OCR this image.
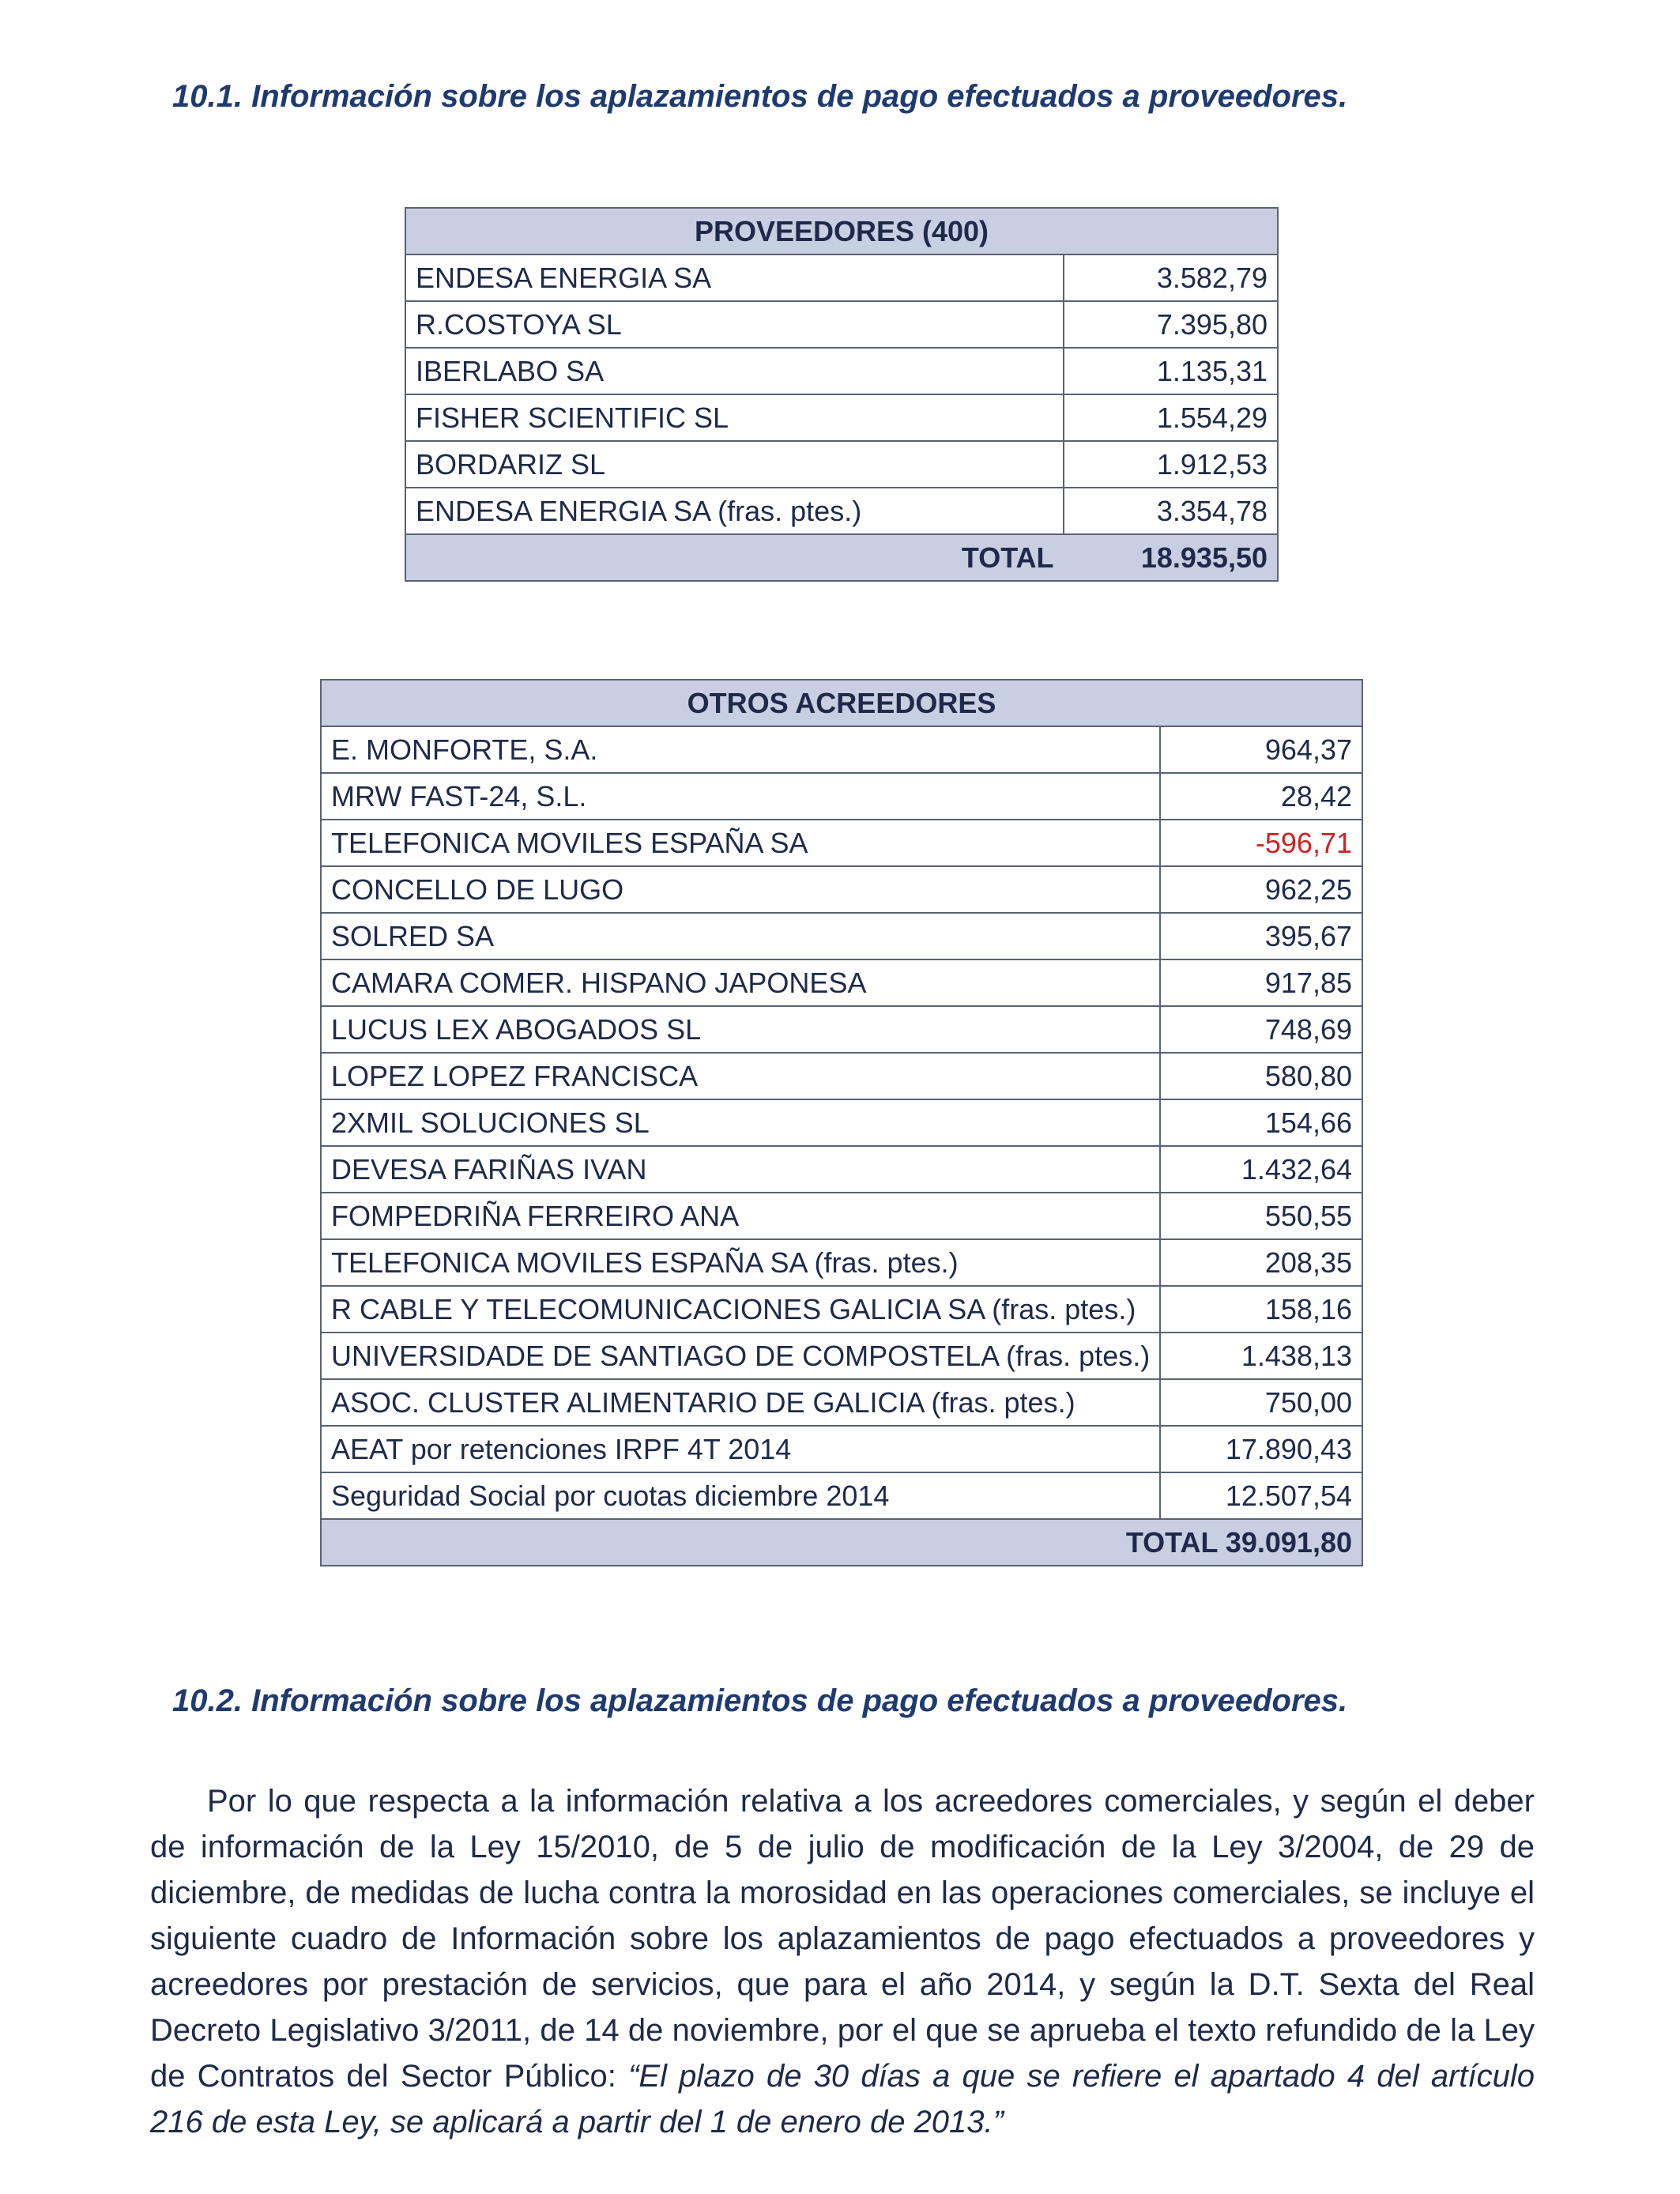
10.1. Información sobre los aplazamientos de pago efectuados a proveedores.
PROVEEDORES (400)	
ENDESA ENERGIA SA	3.582,79
R.COSTOYA SL	7.395,80
IBERLABO SA	1.135,31
FISHER SCIENTIFIC SL	1.554,29
BORDARIZ SL	1.912,53
ENDESA ENERGIA SA (fras. ptes.)	3.354,78
TOTAL	18.935,50
OTROS ACREEDORES	
E. MONFORTE, S.A.	964,37
MRW FAST-24, S.L.	28,42
TELEFONICA MOVILES ESPAÑA SA	-596,71
CONCELLO DE LUGO	962,25
SOLRED SA	395,67
CAMARA COMER. HISPANO JAPONESA	917,85
LUCUS LEX ABOGADOS SL	748,69
LOPEZ LOPEZ FRANCISCA	580,80
2XMIL SOLUCIONES SL	154,66
DEVESA FARIÑAS IVAN	1.432,64
FOMPEDRIÑA FERREIRO ANA	550,55
TELEFONICA MOVILES ESPAÑA SA (fras. ptes.)	208,35
R CABLE Y TELECOMUNICACIONES GALICIA SA (fras. ptes.)	158,16
UNIVERSIDADE DE SANTIAGO DE COMPOSTELA (fras. ptes.)	1.438,13
ASOC. CLUSTER ALIMENTARIO DE GALICIA (fras. ptes.)	750,00
AEAT por retenciones IRPF 4T 2014	17.890,43
Seguridad Social por cuotas diciembre 2014	12.507,54
TOTAL 39.091,80	
10.2. Información sobre los aplazamientos de pago efectuados a proveedores.
Por lo que respecta a la información relativa a los acreedores comerciales, y según el deber de información de la Ley 15/2010, de 5 de julio de modificación de la Ley 3/2004, de 29 de diciembre, de medidas de lucha contra la morosidad en las operaciones comerciales, se incluye el siguiente cuadro de Información sobre los aplazamientos de pago efectuados a proveedores y acreedores por prestación de servicios, que para el año 2014, y según la D.T. Sexta del Real Decreto Legislativo 3/2011, de 14 de noviembre, por el que se aprueba el texto refundido de la Ley de Contratos del Sector Público: “El plazo de 30 días a que se refiere el apartado 4 del artículo 216 de esta Ley, se aplicará a partir del 1 de enero de 2013.”
